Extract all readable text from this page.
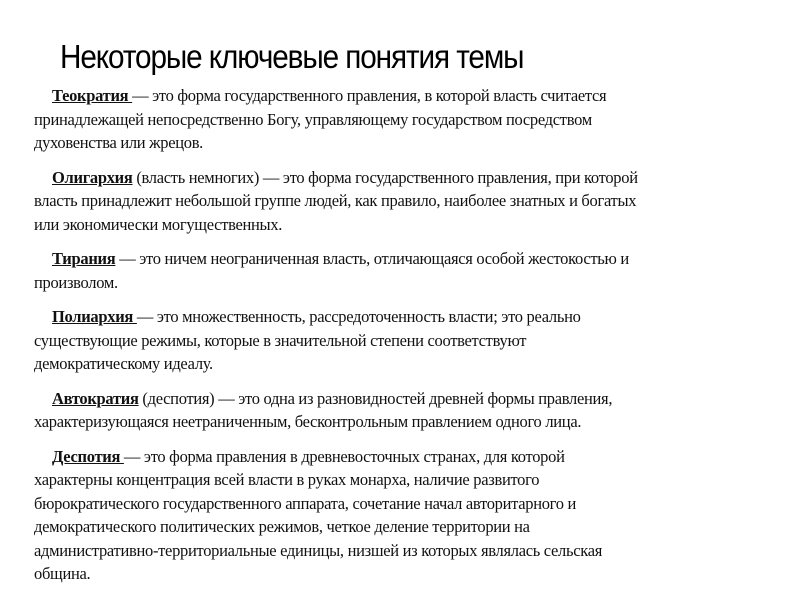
Некоторые ключевые понятия темы
Теократия — это форма государственного правления, в которой власть считается
принадлежащей непосредственно Богу, управляющему государством посредством
духовенства или жрецов.
Олигархия (власть немногих) — это форма государственного правления, при которой
власть принадлежит небольшой группе людей, как правило, наиболее знатных и богатых
или экономически могущественных.
Тирания — это ничем неограниченная власть, отличающаяся особой жестокостью и
произволом.
Полиархия — это множественность, рассредоточенность власти; это реально
существующие режимы, которые в значительной степени соответствуют
демократическому идеалу.
Автократия (деспотия) — это одна из разновидностей древней формы правления,
характеризующаяся неетраниченным, бесконтрольным правлением одного лица.
Деспотия — это форма правления в древневосточных странах, для которой
характерны концентрация всей власти в руках монарха, наличие развитого
бюрократического государственного аппарата, сочетание начал авторитарного и
демократического политических режимов, четкое деление территории на
административно-территориальные единицы, низшей из которых являлась сельская
община.
